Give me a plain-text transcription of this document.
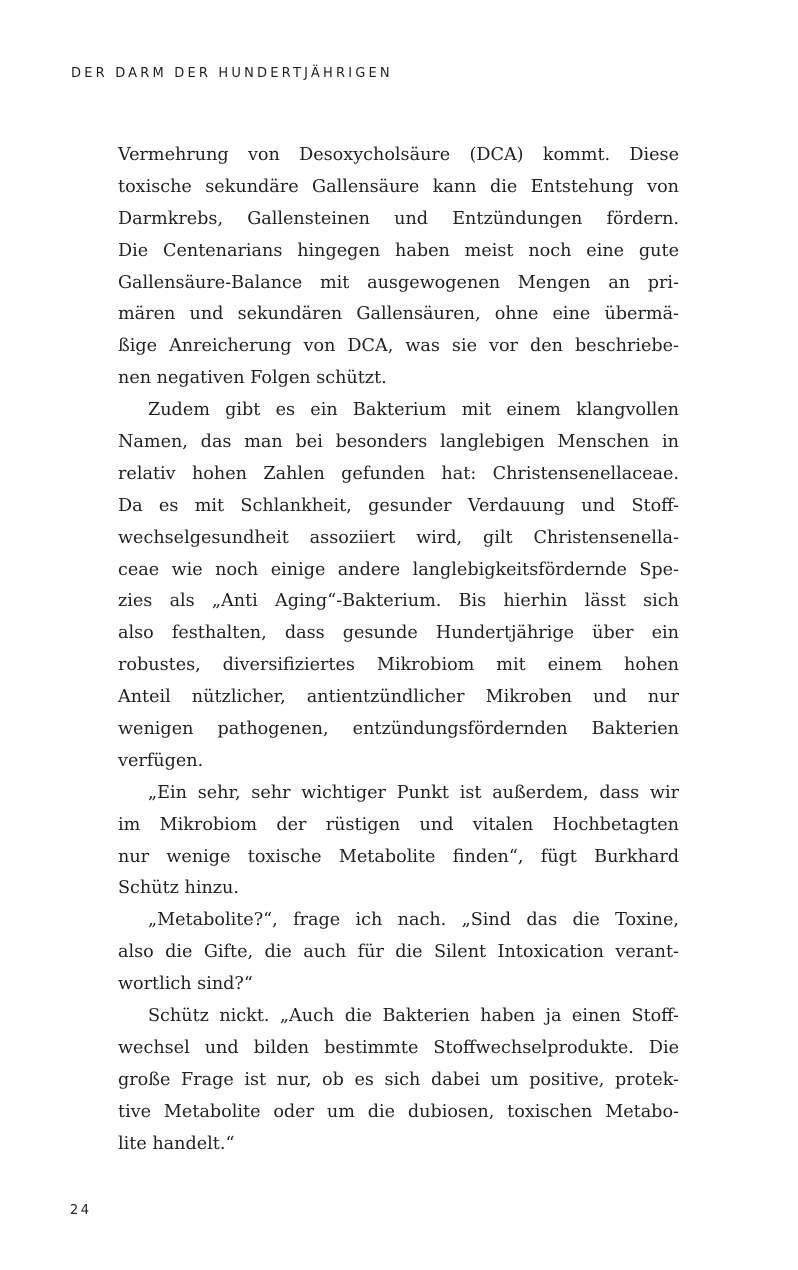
DER DARM DER HUNDERTJÄHRIGEN
Vermehrung von Desoxycholsäure (DCA) kommt. Diese
toxische sekundäre Gallensäure kann die Entstehung von
Darmkrebs, Gallensteinen und Entzündungen fördern.
Die Centenarians hingegen haben meist noch eine gute
Gallensäure-Balance mit ausgewogenen Mengen an pri-
mären und sekundären Gallensäuren, ohne eine übermä-
ßige Anreicherung von DCA, was sie vor den beschriebe-
nen negativen Folgen schützt.
Zudem gibt es ein Bakterium mit einem klangvollen
Namen, das man bei besonders langlebigen Menschen in
relativ hohen Zahlen gefunden hat: Christensenellaceae.
Da es mit Schlankheit, gesunder Verdauung und Stoff-
wechselgesundheit assoziiert wird, gilt Christensenella-
ceae wie noch einige andere langlebigkeitsfördernde Spe-
zies als „Anti Aging“-Bakterium. Bis hierhin lässt sich
also festhalten, dass gesunde Hundertjährige über ein
robustes, diversifiziertes Mikrobiom mit einem hohen
Anteil nützlicher, antientzündlicher Mikroben und nur
wenigen pathogenen, entzündungsfördernden Bakterien
verfügen.
„Ein sehr, sehr wichtiger Punkt ist außerdem, dass wir
im Mikrobiom der rüstigen und vitalen Hochbetagten
nur wenige toxische Metabolite finden“, fügt Burkhard
Schütz hinzu.
„Metabolite?“, frage ich nach. „Sind das die Toxine,
also die Gifte, die auch für die Silent Intoxication verant-
wortlich sind?“
Schütz nickt. „Auch die Bakterien haben ja einen Stoff-
wechsel und bilden bestimmte Stoffwechselprodukte. Die
große Frage ist nur, ob es sich dabei um positive, protek-
tive Metabolite oder um die dubiosen, toxischen Metabo-
lite handelt.“
24
